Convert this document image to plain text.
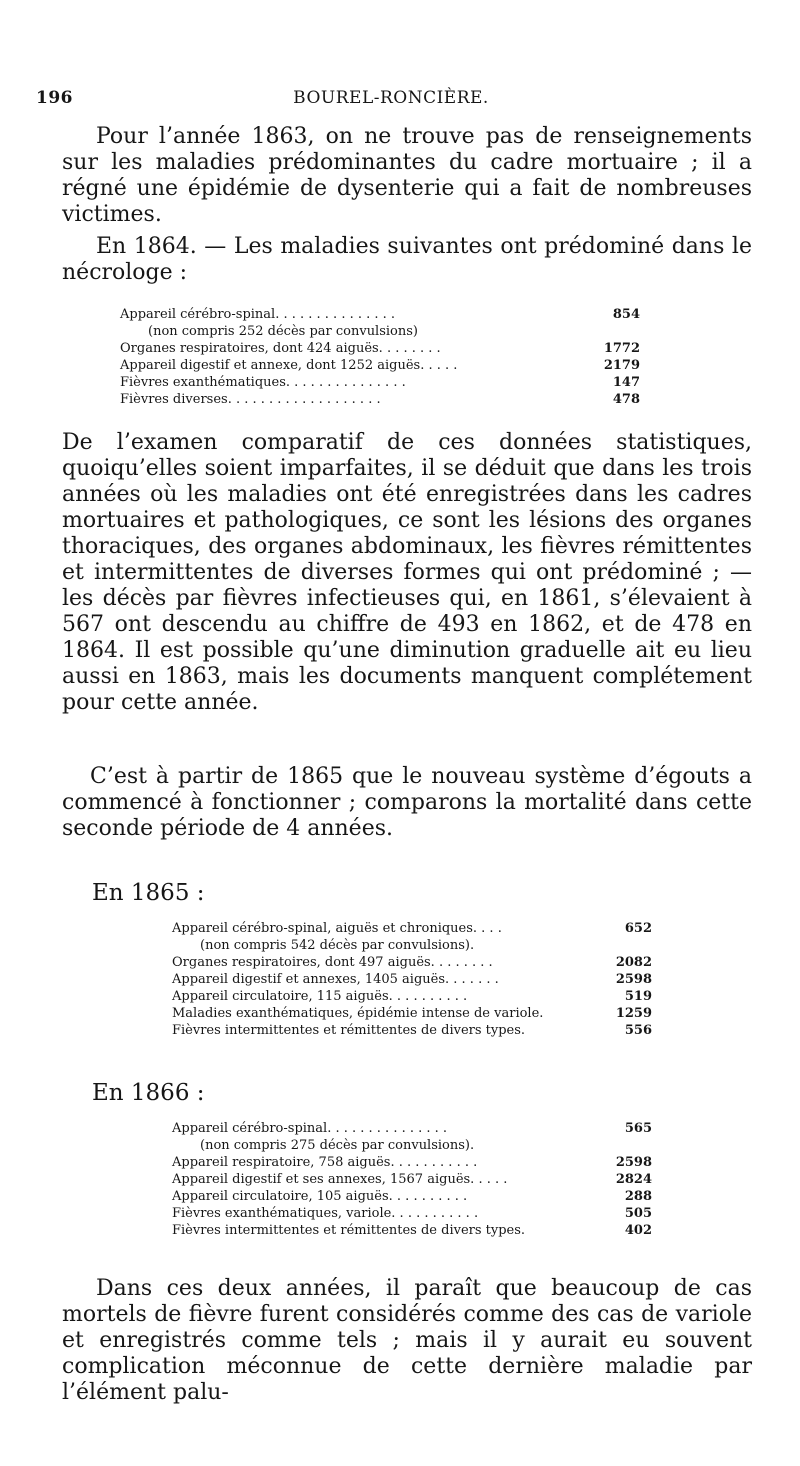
196	BOUREL-RONCIÈRE.

Pour l’année 1863, on ne trouve pas de renseignements sur les maladies prédominantes du cadre mortuaire ; il a régné une épidémie de dysenterie qui a fait de nombreuses victimes.

En 1864. — Les maladies suivantes ont prédominé dans le nécrologe :

Appareil cérébro-spinal. . . . . . . . . . . . . . .	854
(non compris 252 décès par convulsions)	
Organes respiratoires, dont 424 aiguës. . . . . . . .	1772
Appareil digestif et annexe, dont 1252 aiguës. . . . .	2179
Fièvres exanthématiques. . . . . . . . . . . . . . .	147
Fièvres diverses. . . . . . . . . . . . . . . . . . .	478

De l’examen comparatif de ces données statistiques, quoiqu’elles soient imparfaites, il se déduit que dans les trois années où les maladies ont été enregistrées dans les cadres mortuaires et pathologiques, ce sont les lésions des organes thoraciques, des organes abdominaux, les fièvres rémittentes et intermittentes de diverses formes qui ont prédominé ; — les décès par fièvres infectieuses qui, en 1861, s’élevaient à 567 ont descendu au chiffre de 493 en 1862, et de 478 en 1864. Il est possible qu’une diminution graduelle ait eu lieu aussi en 1863, mais les documents manquent complétement pour cette année.

C’est à partir de 1865 que le nouveau système d’égouts a commencé à fonctionner ; comparons la mortalité dans cette seconde période de 4 années.

En 1865 :
Appareil cérébro-spinal, aiguës et chroniques. . . .	652
(non compris 542 décès par convulsions).	
Organes respiratoires, dont 497 aiguës. . . . . . . .	2082
Appareil digestif et annexes, 1405 aiguës. . . . . . .	2598
Appareil circulatoire, 115 aiguës. . . . . . . . . .	519
Maladies exanthématiques, épidémie intense de variole.	1259
Fièvres intermittentes et rémittentes de divers types.	556
En 1866 :
Appareil cérébro-spinal. . . . . . . . . . . . . . .	565
(non compris 275 décès par convulsions).	
Appareil respiratoire, 758 aiguës. . . . . . . . . . .	2598
Appareil digestif et ses annexes, 1567 aiguës. . . . .	2824
Appareil circulatoire, 105 aiguës. . . . . . . . . .	288
Fièvres exanthématiques, variole. . . . . . . . . . .	505
Fièvres intermittentes et rémittentes de divers types.	402

Dans ces deux années, il paraît que beaucoup de cas mortels de fièvre furent considérés comme des cas de variole et enregistrés comme tels ; mais il y aurait eu souvent complication méconnue de cette dernière maladie par l’élément palu-
